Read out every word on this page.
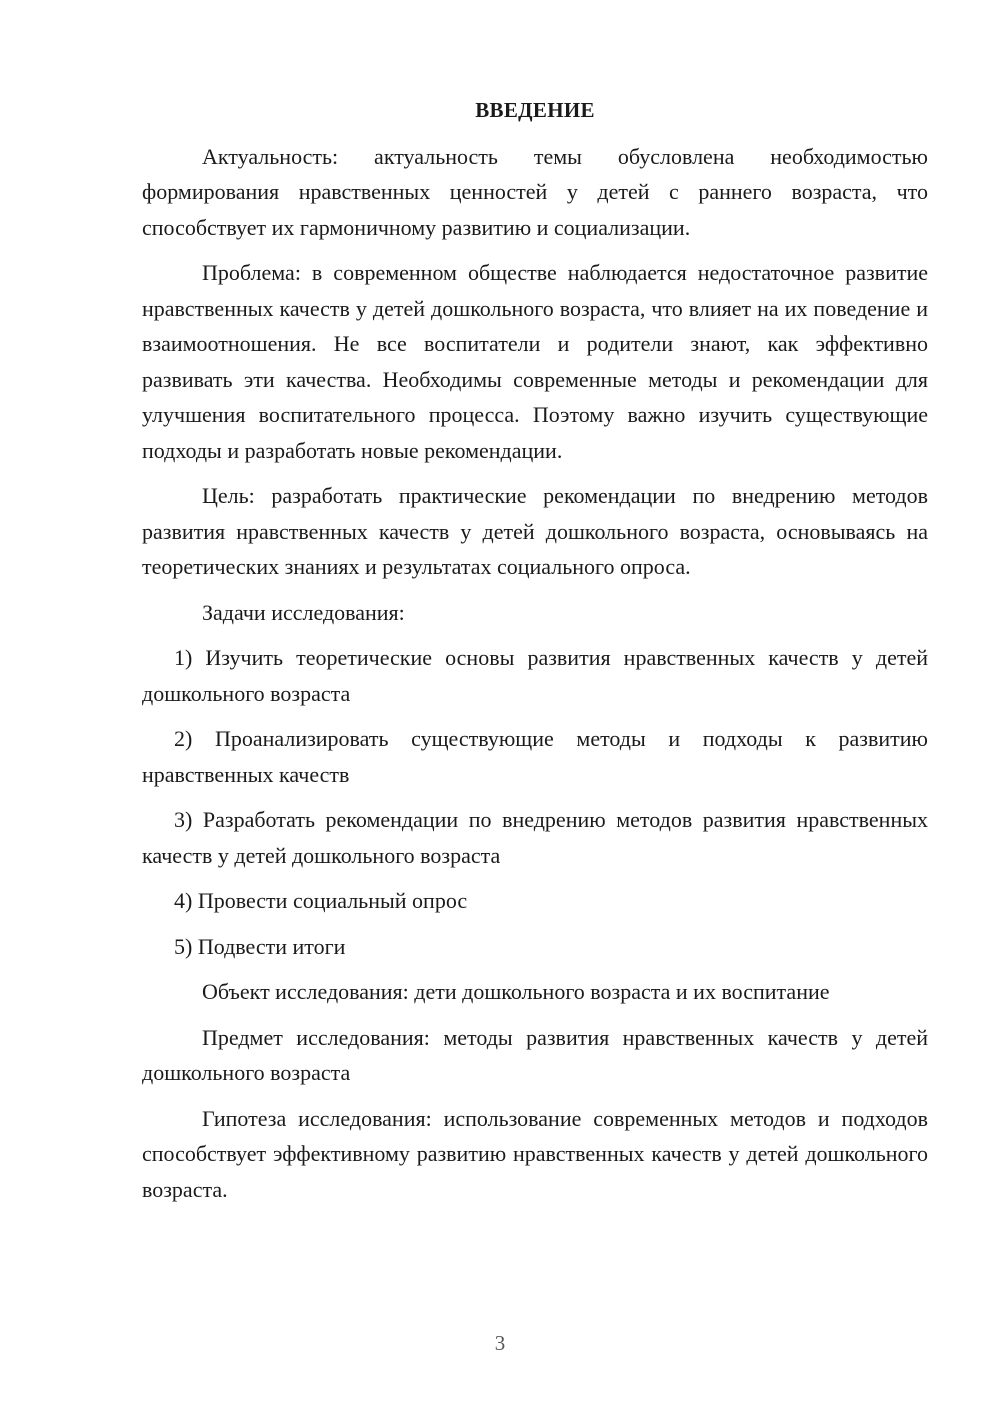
ВВЕДЕНИЕ

Актуальность: актуальность темы обусловлена необходимостью формирования нравственных ценностей у детей с раннего возраста, что способствует их гармоничному развитию и социализации.

Проблема: в современном обществе наблюдается недостаточное развитие нравственных качеств у детей дошкольного возраста, что влияет на их поведение и взаимоотношения. Не все воспитатели и родители знают, как эффективно развивать эти качества. Необходимы современные методы и рекомендации для улучшения воспитательного процесса. Поэтому важно изучить существующие подходы и разработать новые рекомендации.

Цель: разработать практические рекомендации по внедрению методов развития нравственных качеств у детей дошкольного возраста, основываясь на теоретических знаниях и результатах социального опроса.

Задачи исследования:

1) Изучить теоретические основы развития нравственных качеств у детей дошкольного возраста

2) Проанализировать существующие методы и подходы к развитию нравственных качеств

3) Разработать рекомендации по внедрению методов развития нравственных качеств у детей дошкольного возраста

4) Провести социальный опрос

5) Подвести итоги

Объект исследования: дети дошкольного возраста и их воспитание

Предмет исследования: методы развития нравственных качеств у детей дошкольного возраста

Гипотеза исследования: использование современных методов и подходов способствует эффективному развитию нравственных качеств у детей дошкольного возраста.

3
